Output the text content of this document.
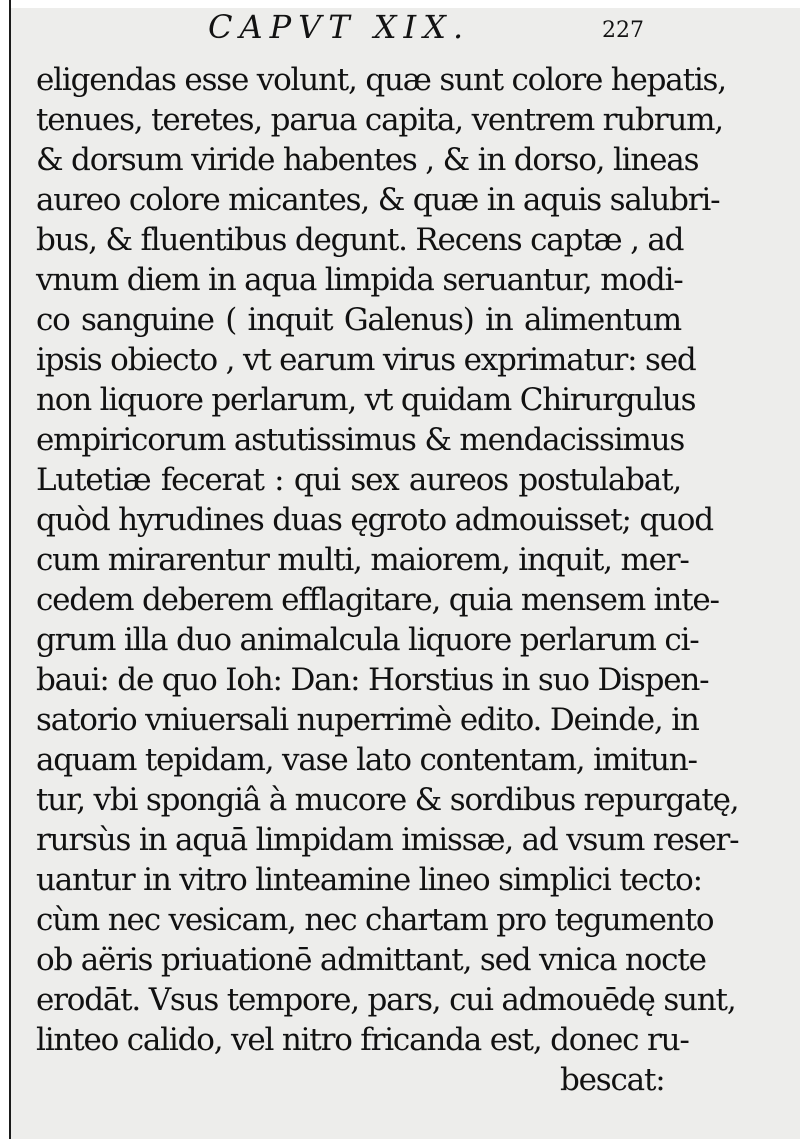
CAPVT XIX.	227
eligendas esse volunt, quæ sunt colore hepatis,
tenues, teretes, parua capita, ventrem rubrum,
& dorsum viride habentes , & in dorso, lineas
aureo colore micantes, & quæ in aquis salubri-
bus, & fluentibus degunt. Recens captæ , ad
vnum diem in aqua limpida seruantur, modi-
co sanguine ( inquit Galenus) in alimentum
ipsis obiecto , vt earum virus exprimatur: sed
non liquore perlarum, vt quidam Chirurgulus
empiricorum astutissimus & mendacissimus
Lutetiæ fecerat : qui sex aureos postulabat,
quòd hyrudines duas ęgroto admouisset; quod
cum mirarentur multi, maiorem, inquit, mer-
cedem deberem efflagitare, quia mensem inte-
grum illa duo animalcula liquore perlarum ci-
baui: de quo Ioh: Dan: Horstius in suo Dispen-
satorio vniuersali nuperrimè edito. Deinde, in
aquam tepidam, vase lato contentam, imitun-
tur, vbi spongiâ à mucore & sordibus repurgatę,
rursùs in aquā limpidam imissæ, ad vsum reser-
uantur in vitro linteamine lineo simplici tecto:
cùm nec vesicam, nec chartam pro tegumento
ob aëris priuationē admittant, sed vnica nocte
erodāt. Vsus tempore, pars, cui admouēdę sunt,
linteo calido, vel nitro fricanda est, donec ru-
bescat:
